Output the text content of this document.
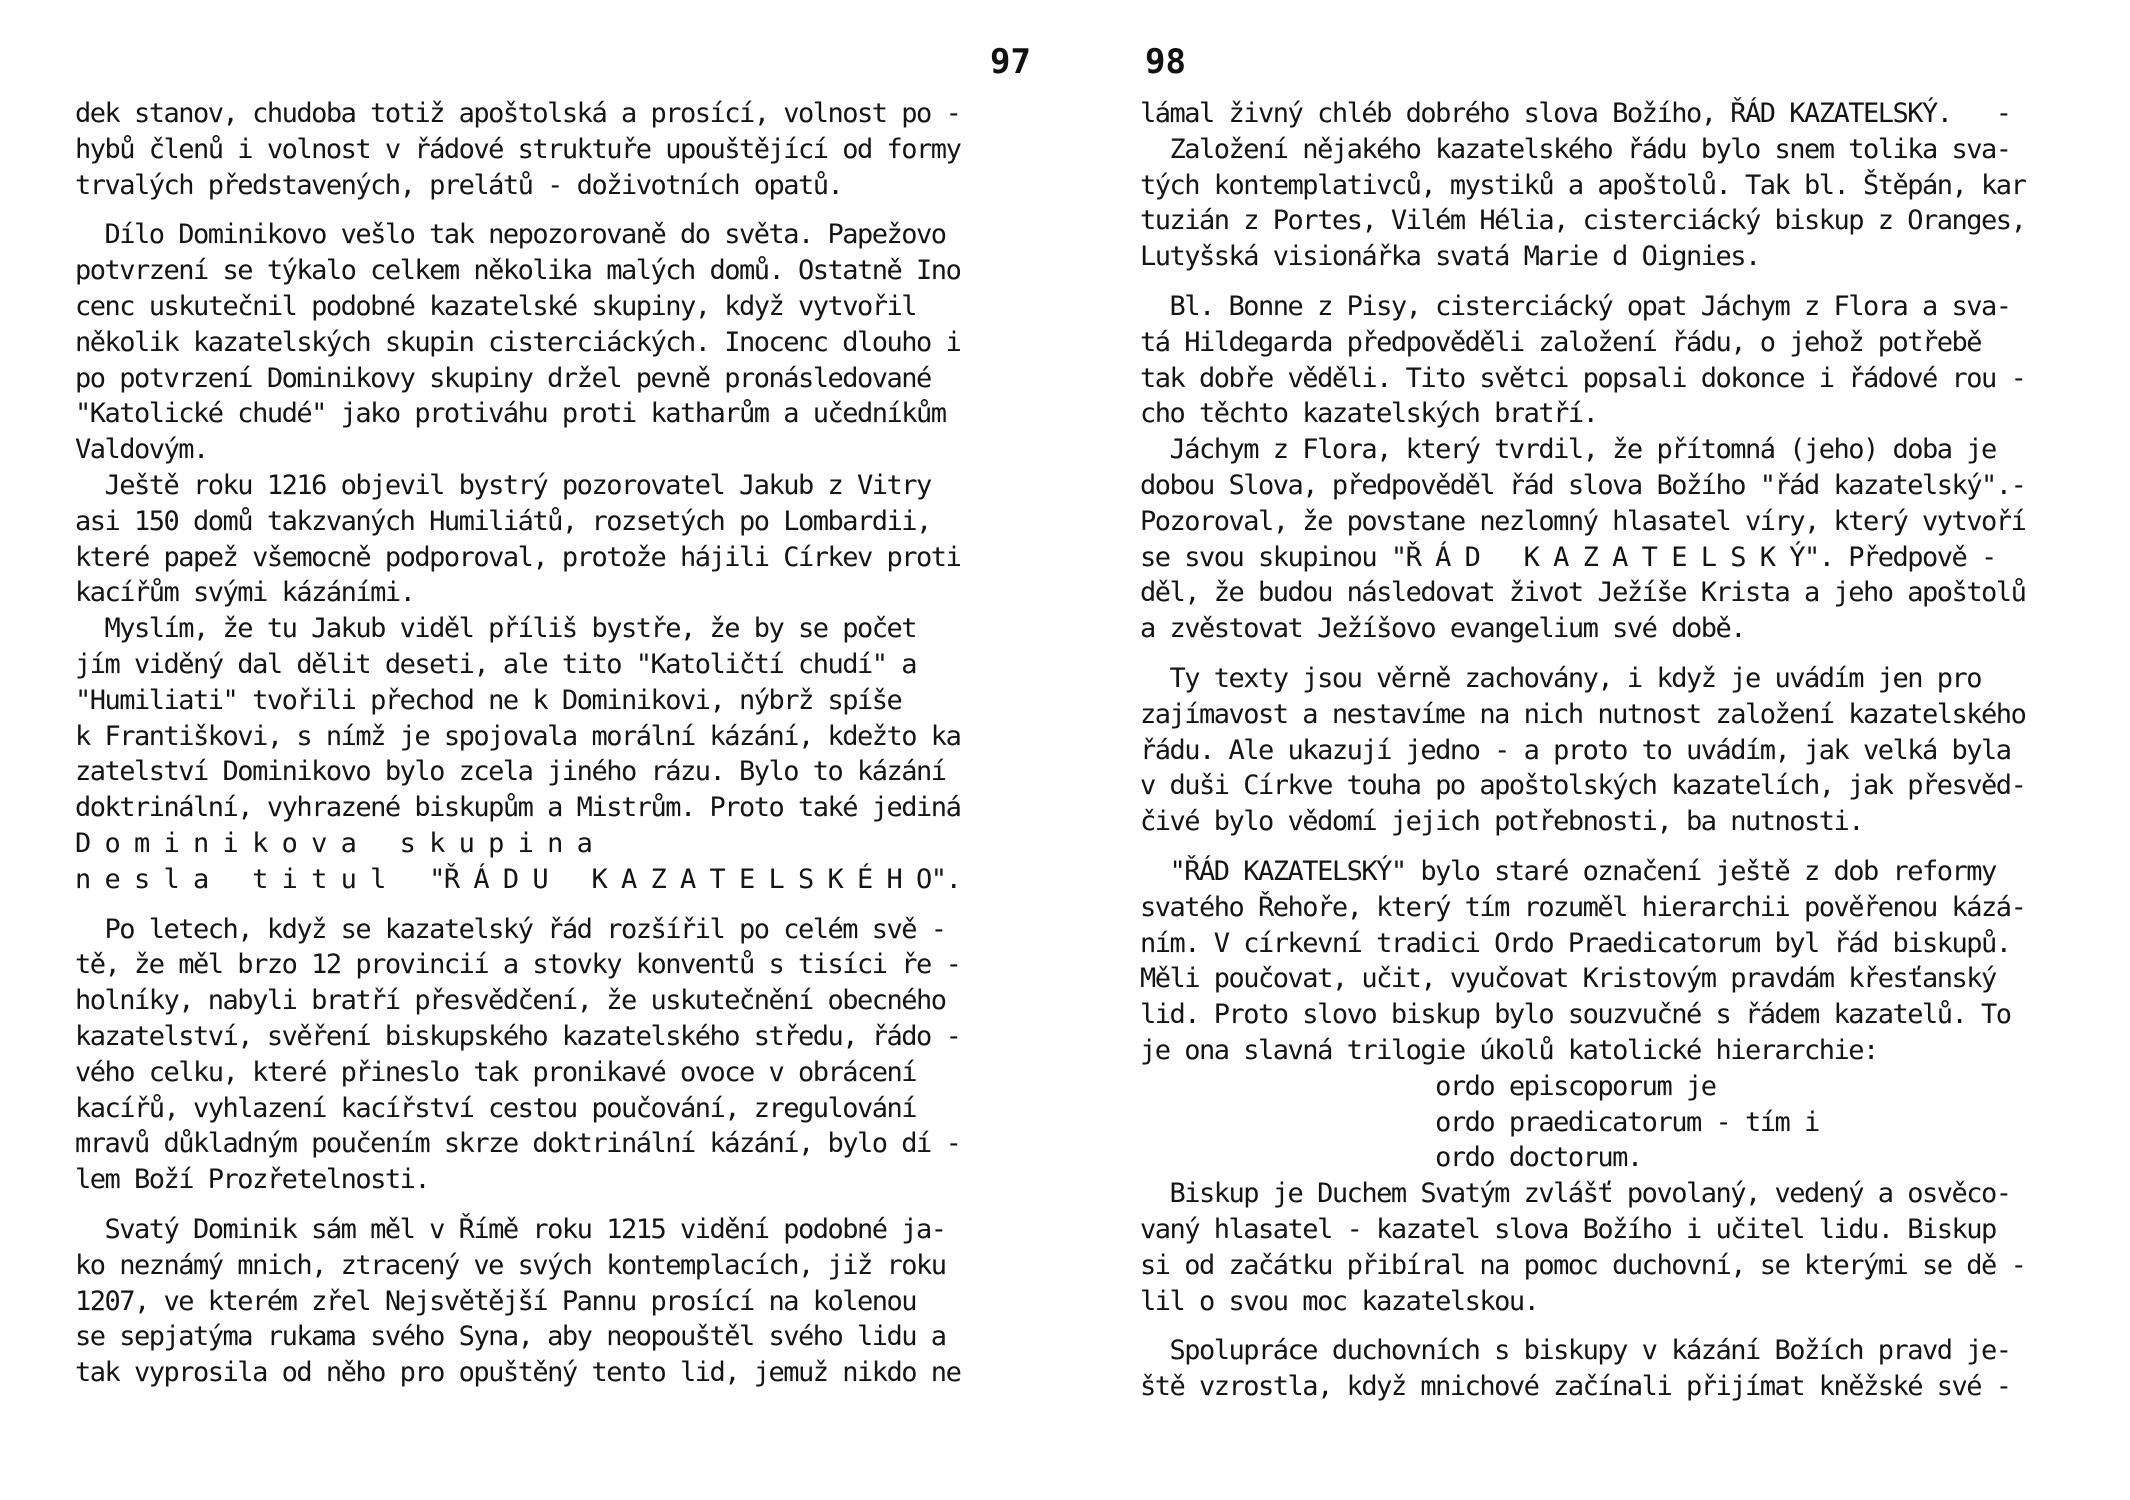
97
dek stanov, chudoba totiž apoštolská a prosící, volnost po -
hybů členů i volnost v řádové struktuře upouštějící od formy
trvalých představených, prelátů - doživotních opatů.
Dílo Dominikovo vešlo tak nepozorovaně do světa. Papežovo
potvrzení se týkalo celkem několika malých domů. Ostatně Ino
cenc uskutečnil podobné kazatelské skupiny, když vytvořil
několik kazatelských skupin cisterciáckých. Inocenc dlouho i
po potvrzení Dominikovy skupiny držel pevně pronásledované
"Katolické chudé" jako protiváhu proti katharům a učedníkům
Valdovým.
Ještě roku 1216 objevil bystrý pozorovatel Jakub z Vitry
asi 150 domů takzvaných Humiliátů, rozsetých po Lombardii,
které papež všemocně podporoval, protože hájili Církev proti
kacířům svými kázáními.
Myslím, že tu Jakub viděl příliš bystře, že by se počet
jím viděný dal dělit deseti, ale tito "Katoličtí chudí" a
"Humiliati" tvořili přechod ne k Dominikovi, nýbrž spíše
k Františkovi, s nímž je spojovala morální kázání, kdežto ka
zatelství Dominikovo bylo zcela jiného rázu. Bylo to kázání
doktrinální, vyhrazené biskupům a Mistrům. Proto také jediná
D o m i n i k o v a   s k u p i n a
n e s l a   t i t u l   "Ř Á D U   K A Z A T E L S K É H O".
Po letech, když se kazatelský řád rozšířil po celém svě -
tě, že měl brzo 12 provincií a stovky konventů s tisíci ře -
holníky, nabyli bratří přesvědčení, že uskutečnění obecného
kazatelství, svěření biskupského kazatelského středu, řádo -
vého celku, které přineslo tak pronikavé ovoce v obrácení
kacířů, vyhlazení kacířství cestou poučování, zregulování
mravů důkladným poučením skrze doktrinální kázání, bylo dí -
lem Boží Prozřetelnosti.
Svatý Dominik sám měl v Římě roku 1215 vidění podobné ja-
ko neznámý mnich, ztracený ve svých kontemplacích, již roku
1207, ve kterém zřel Nejsvětější Pannu prosící na kolenou
se sepjatýma rukama svého Syna, aby neopouštěl svého lidu a
tak vyprosila od něho pro opuštěný tento lid, jemuž nikdo ne
98
lámal živný chléb dobrého slova Božího, ŘÁD KAZATELSKÝ.   -
Založení nějakého kazatelského řádu bylo snem tolika sva-
tých kontemplativců, mystiků a apoštolů. Tak bl. Štěpán, kar
tuzián z Portes, Vilém Hélia, cisterciácký biskup z Oranges,
Lutyšská visionářka svatá Marie d Oignies.
Bl. Bonne z Pisy, cisterciácký opat Jáchym z Flora a sva-
tá Hildegarda předpověděli založení řádu, o jehož potřebě
tak dobře věděli. Tito světci popsali dokonce i řádové rou -
cho těchto kazatelských bratří.
Jáchym z Flora, který tvrdil, že přítomná (jeho) doba je
dobou Slova, předpověděl řád slova Božího "řád kazatelský".-
Pozoroval, že povstane nezlomný hlasatel víry, který vytvoří
se svou skupinou "Ř Á D   K A Z A T E L S K Ý". Předpově -
děl, že budou následovat život Ježíše Krista a jeho apoštolů
a zvěstovat Ježíšovo evangelium své době.
Ty texty jsou věrně zachovány, i když je uvádím jen pro
zajímavost a nestavíme na nich nutnost založení kazatelského
řádu. Ale ukazují jedno - a proto to uvádím, jak velká byla
v duši Církve touha po apoštolských kazatelích, jak přesvěd-
čivé bylo vědomí jejich potřebnosti, ba nutnosti.
"ŘÁD KAZATELSKÝ" bylo staré označení ještě z dob reformy
svatého Řehoře, který tím rozuměl hierarchii pověřenou kázá-
ním. V církevní tradici Ordo Praedicatorum byl řád biskupů.
Měli poučovat, učit, vyučovat Kristovým pravdám křesťanský
lid. Proto slovo biskup bylo souzvučné s řádem kazatelů. To
je ona slavná trilogie úkolů katolické hierarchie:
ordo episcoporum je
ordo praedicatorum - tím i
ordo doctorum.
Biskup je Duchem Svatým zvlášť povolaný, vedený a osvěco-
vaný hlasatel - kazatel slova Božího i učitel lidu. Biskup
si od začátku přibíral na pomoc duchovní, se kterými se dě -
lil o svou moc kazatelskou.
Spolupráce duchovních s biskupy v kázání Božích pravd je-
ště vzrostla, když mnichové začínali přijímat kněžské své -
